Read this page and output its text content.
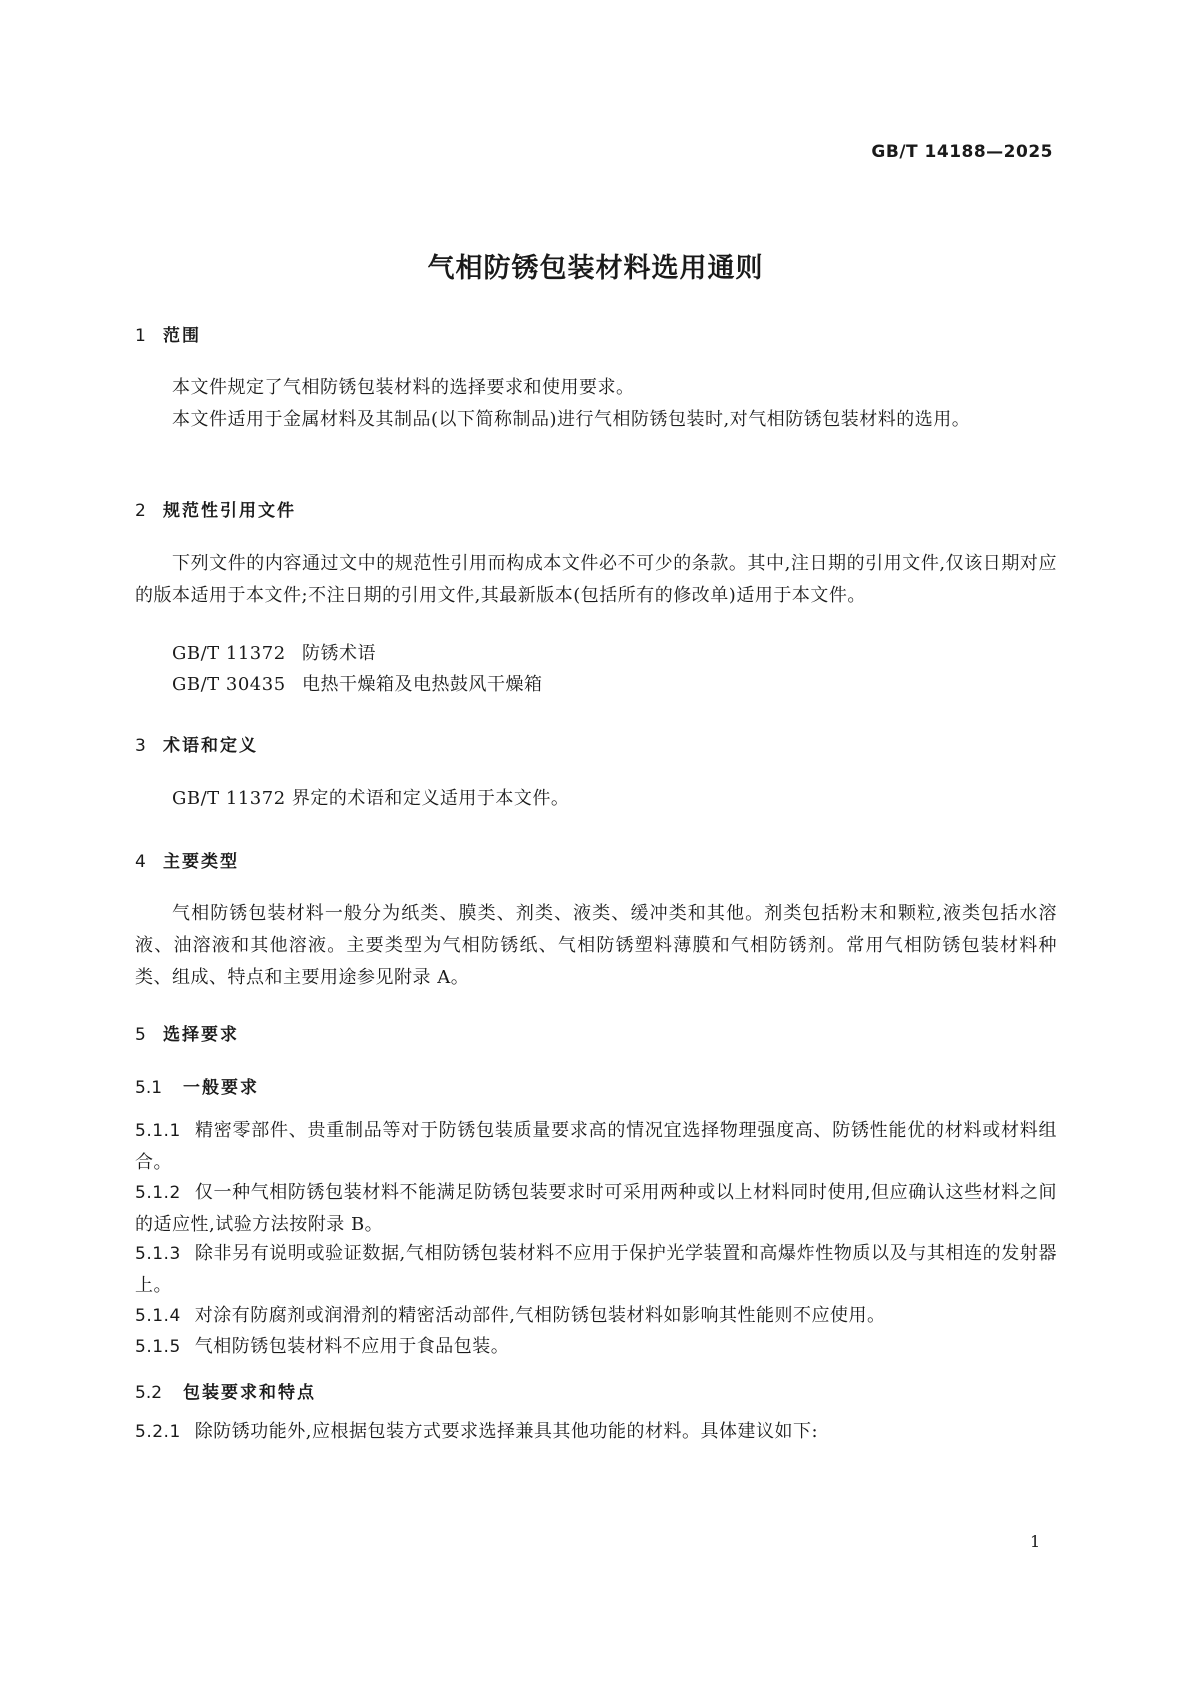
GB/T 14188—2025
气相防锈包装材料选用通则
1 范围
本文件规定了气相防锈包装材料的选择要求和使用要求。
本文件适用于金属材料及其制品(以下简称制品)进行气相防锈包装时,对气相防锈包装材料的选用。
2 规范性引用文件
下列文件的内容通过文中的规范性引用而构成本文件必不可少的条款。其中,注日期的引用文件,仅该日期对应的版本适用于本文件;不注日期的引用文件,其最新版本(包括所有的修改单)适用于本文件。
GB/T 11372 防锈术语
GB/T 30435 电热干燥箱及电热鼓风干燥箱
3 术语和定义
GB/T 11372 界定的术语和定义适用于本文件。
4 主要类型
气相防锈包装材料一般分为纸类、膜类、剂类、液类、缓冲类和其他。剂类包括粉末和颗粒,液类包括水溶液、油溶液和其他溶液。主要类型为气相防锈纸、气相防锈塑料薄膜和气相防锈剂。常用气相防锈包装材料种类、组成、特点和主要用途参见附录 A。
5 选择要求
5.1 一般要求
5.1.1 精密零部件、贵重制品等对于防锈包装质量要求高的情况宜选择物理强度高、防锈性能优的材料或材料组合。
5.1.2 仅一种气相防锈包装材料不能满足防锈包装要求时可采用两种或以上材料同时使用,但应确认这些材料之间的适应性,试验方法按附录 B。
5.1.3 除非另有说明或验证数据,气相防锈包装材料不应用于保护光学装置和高爆炸性物质以及与其相连的发射器上。
5.1.4 对涂有防腐剂或润滑剂的精密活动部件,气相防锈包装材料如影响其性能则不应使用。
5.1.5 气相防锈包装材料不应用于食品包装。
5.2 包装要求和特点
5.2.1 除防锈功能外,应根据包装方式要求选择兼具其他功能的材料。具体建议如下:
1
